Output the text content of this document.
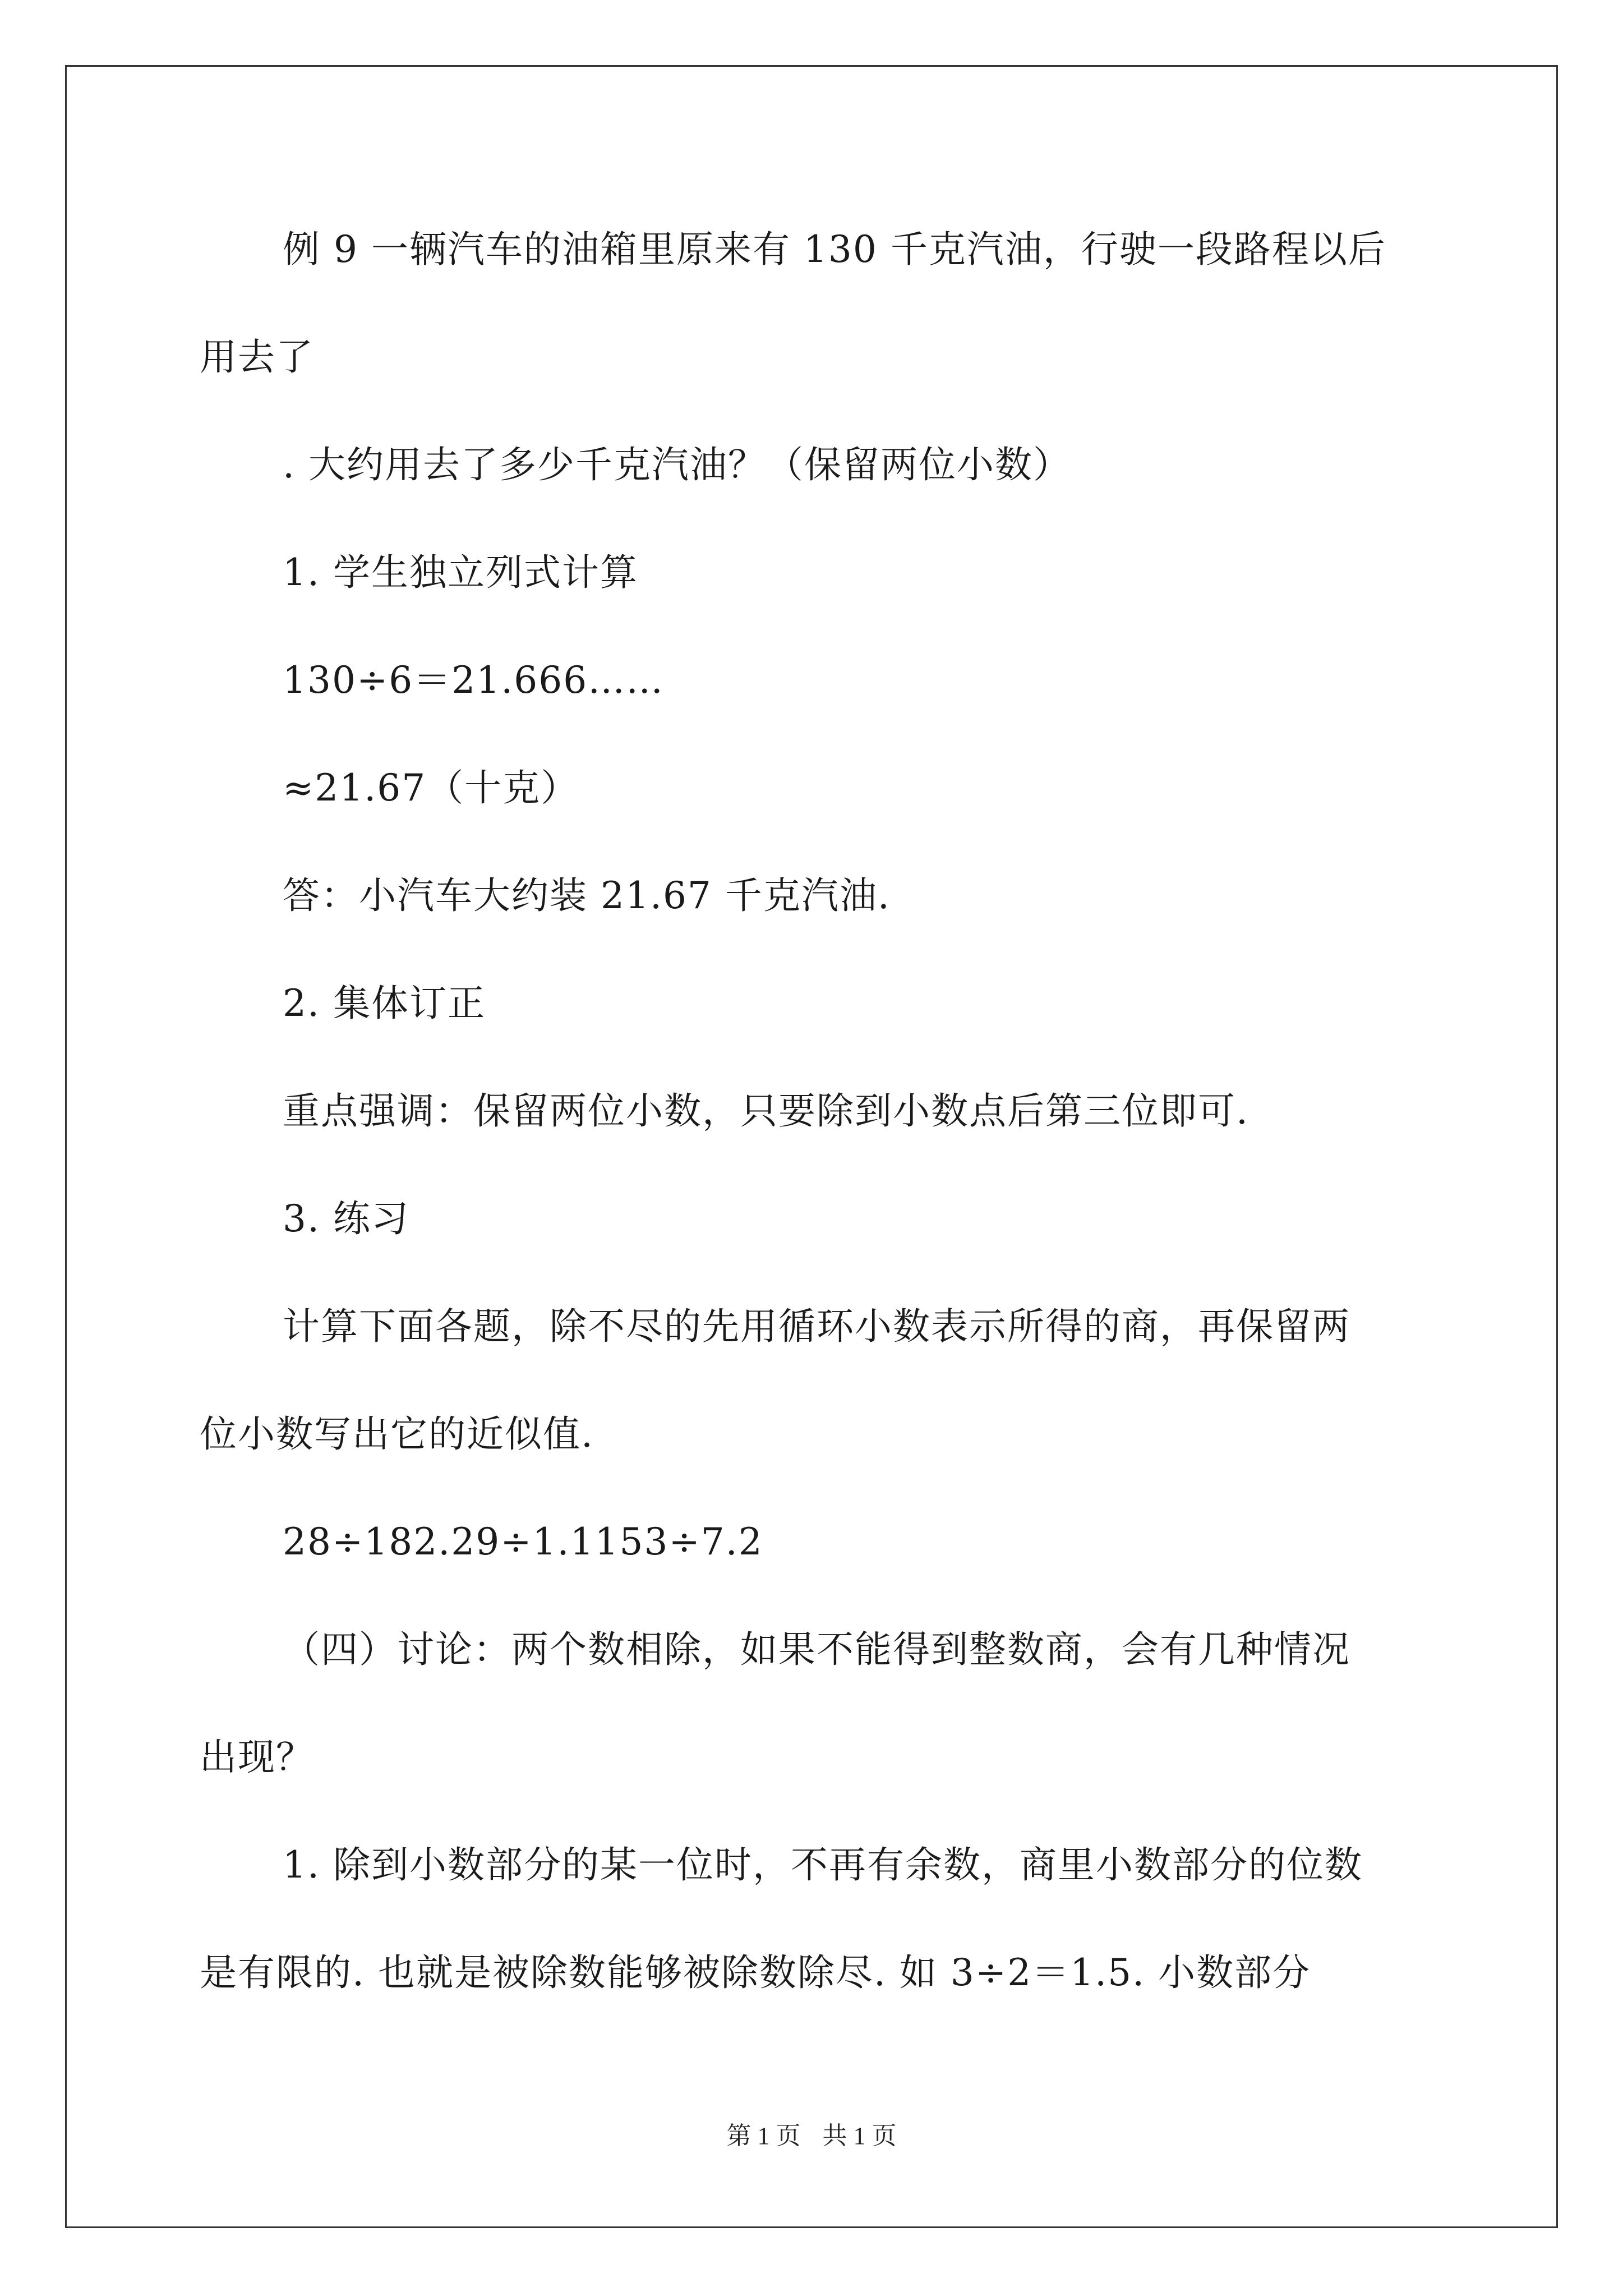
例 9 一辆汽车的油箱里原来有 130 千克汽油，行驶一段路程以后
用去了
. 大约用去了多少千克汽油？（保留两位小数）
1. 学生独立列式计算
130÷6＝21.666……
≈21.67（十克）
答：小汽车大约装 21.67 千克汽油.
2. 集体订正
重点强调：保留两位小数，只要除到小数点后第三位即可.
3. 练习
计算下面各题，除不尽的先用循环小数表示所得的商，再保留两
位小数写出它的近似值.
28÷182.29÷1.1153÷7.2
（四）讨论：两个数相除，如果不能得到整数商，会有几种情况
出现？
1. 除到小数部分的某一位时，不再有余数，商里小数部分的位数
是有限的. 也就是被除数能够被除数除尽. 如 3÷2＝1.5. 小数部分
第 1 页 共 1 页
